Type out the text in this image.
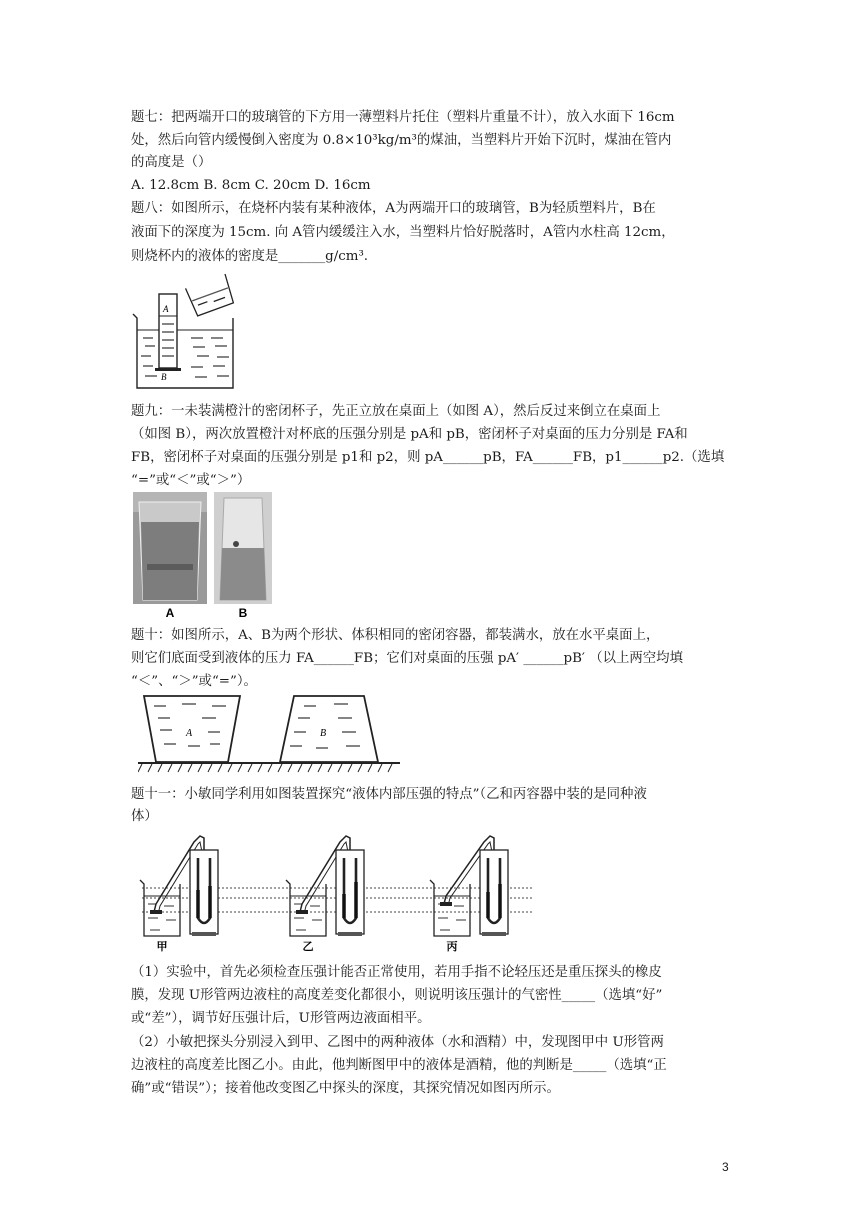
题七：把两端开口的玻璃管的下方用一薄塑料片托住（塑料片重量不计），放入水面下 16cm
处，然后向管内缓慢倒入密度为 0.8×10³kg/m³的煤油，当塑料片开始下沉时，煤油在管内
的高度是（）
A. 12.8cm B. 8cm C. 20cm D. 16cm
题八：如图所示，在烧杯内装有某种液体，A为两端开口的玻璃管，B为轻质塑料片，B在
液面下的深度为 15cm. 向 A管内缓缓注入水，当塑料片恰好脱落时，A管内水柱高 12cm，
则烧杯内的液体的密度是_______g/cm³.
A
B
题九：一未装满橙汁的密闭杯子，先正立放在桌面上（如图 A），然后反过来倒立在桌面上
（如图 B），两次放置橙汁对杯底的压强分别是 pA和 pB，密闭杯子对桌面的压力分别是 FA和
FB，密闭杯子对桌面的压强分别是 p1和 p2，则 pA______pB，FA______FB，p1______p2.（选填
“=”或“＜”或“＞”）
A	B
题十：如图所示，A、B为两个形状、体积相同的密闭容器，都装满水，放在水平桌面上，
则它们底面受到液体的压力 FA______FB；它们对桌面的压强 pA′ ______pB′ （以上两空均填
“＜”、“＞”或“=”）。
A	B
题十一：小敏同学利用如图装置探究“液体内部压强的特点”（乙和丙容器中装的是同种液
体）
甲	乙	丙
（1）实验中，首先必须检查压强计能否正常使用，若用手指不论轻压还是重压探头的橡皮
膜，发现 U形管两边液柱的高度差变化都很小，则说明该压强计的气密性_____（选填“好”
或“差”），调节好压强计后，U形管两边液面相平。
（2）小敏把探头分别浸入到甲、乙图中的两种液体（水和酒精）中，发现图甲中 U形管两
边液柱的高度差比图乙小。由此，他判断图甲中的液体是酒精，他的判断是_____（选填“正
确”或“错误”）；接着他改变图乙中探头的深度，其探究情况如图丙所示。
3
